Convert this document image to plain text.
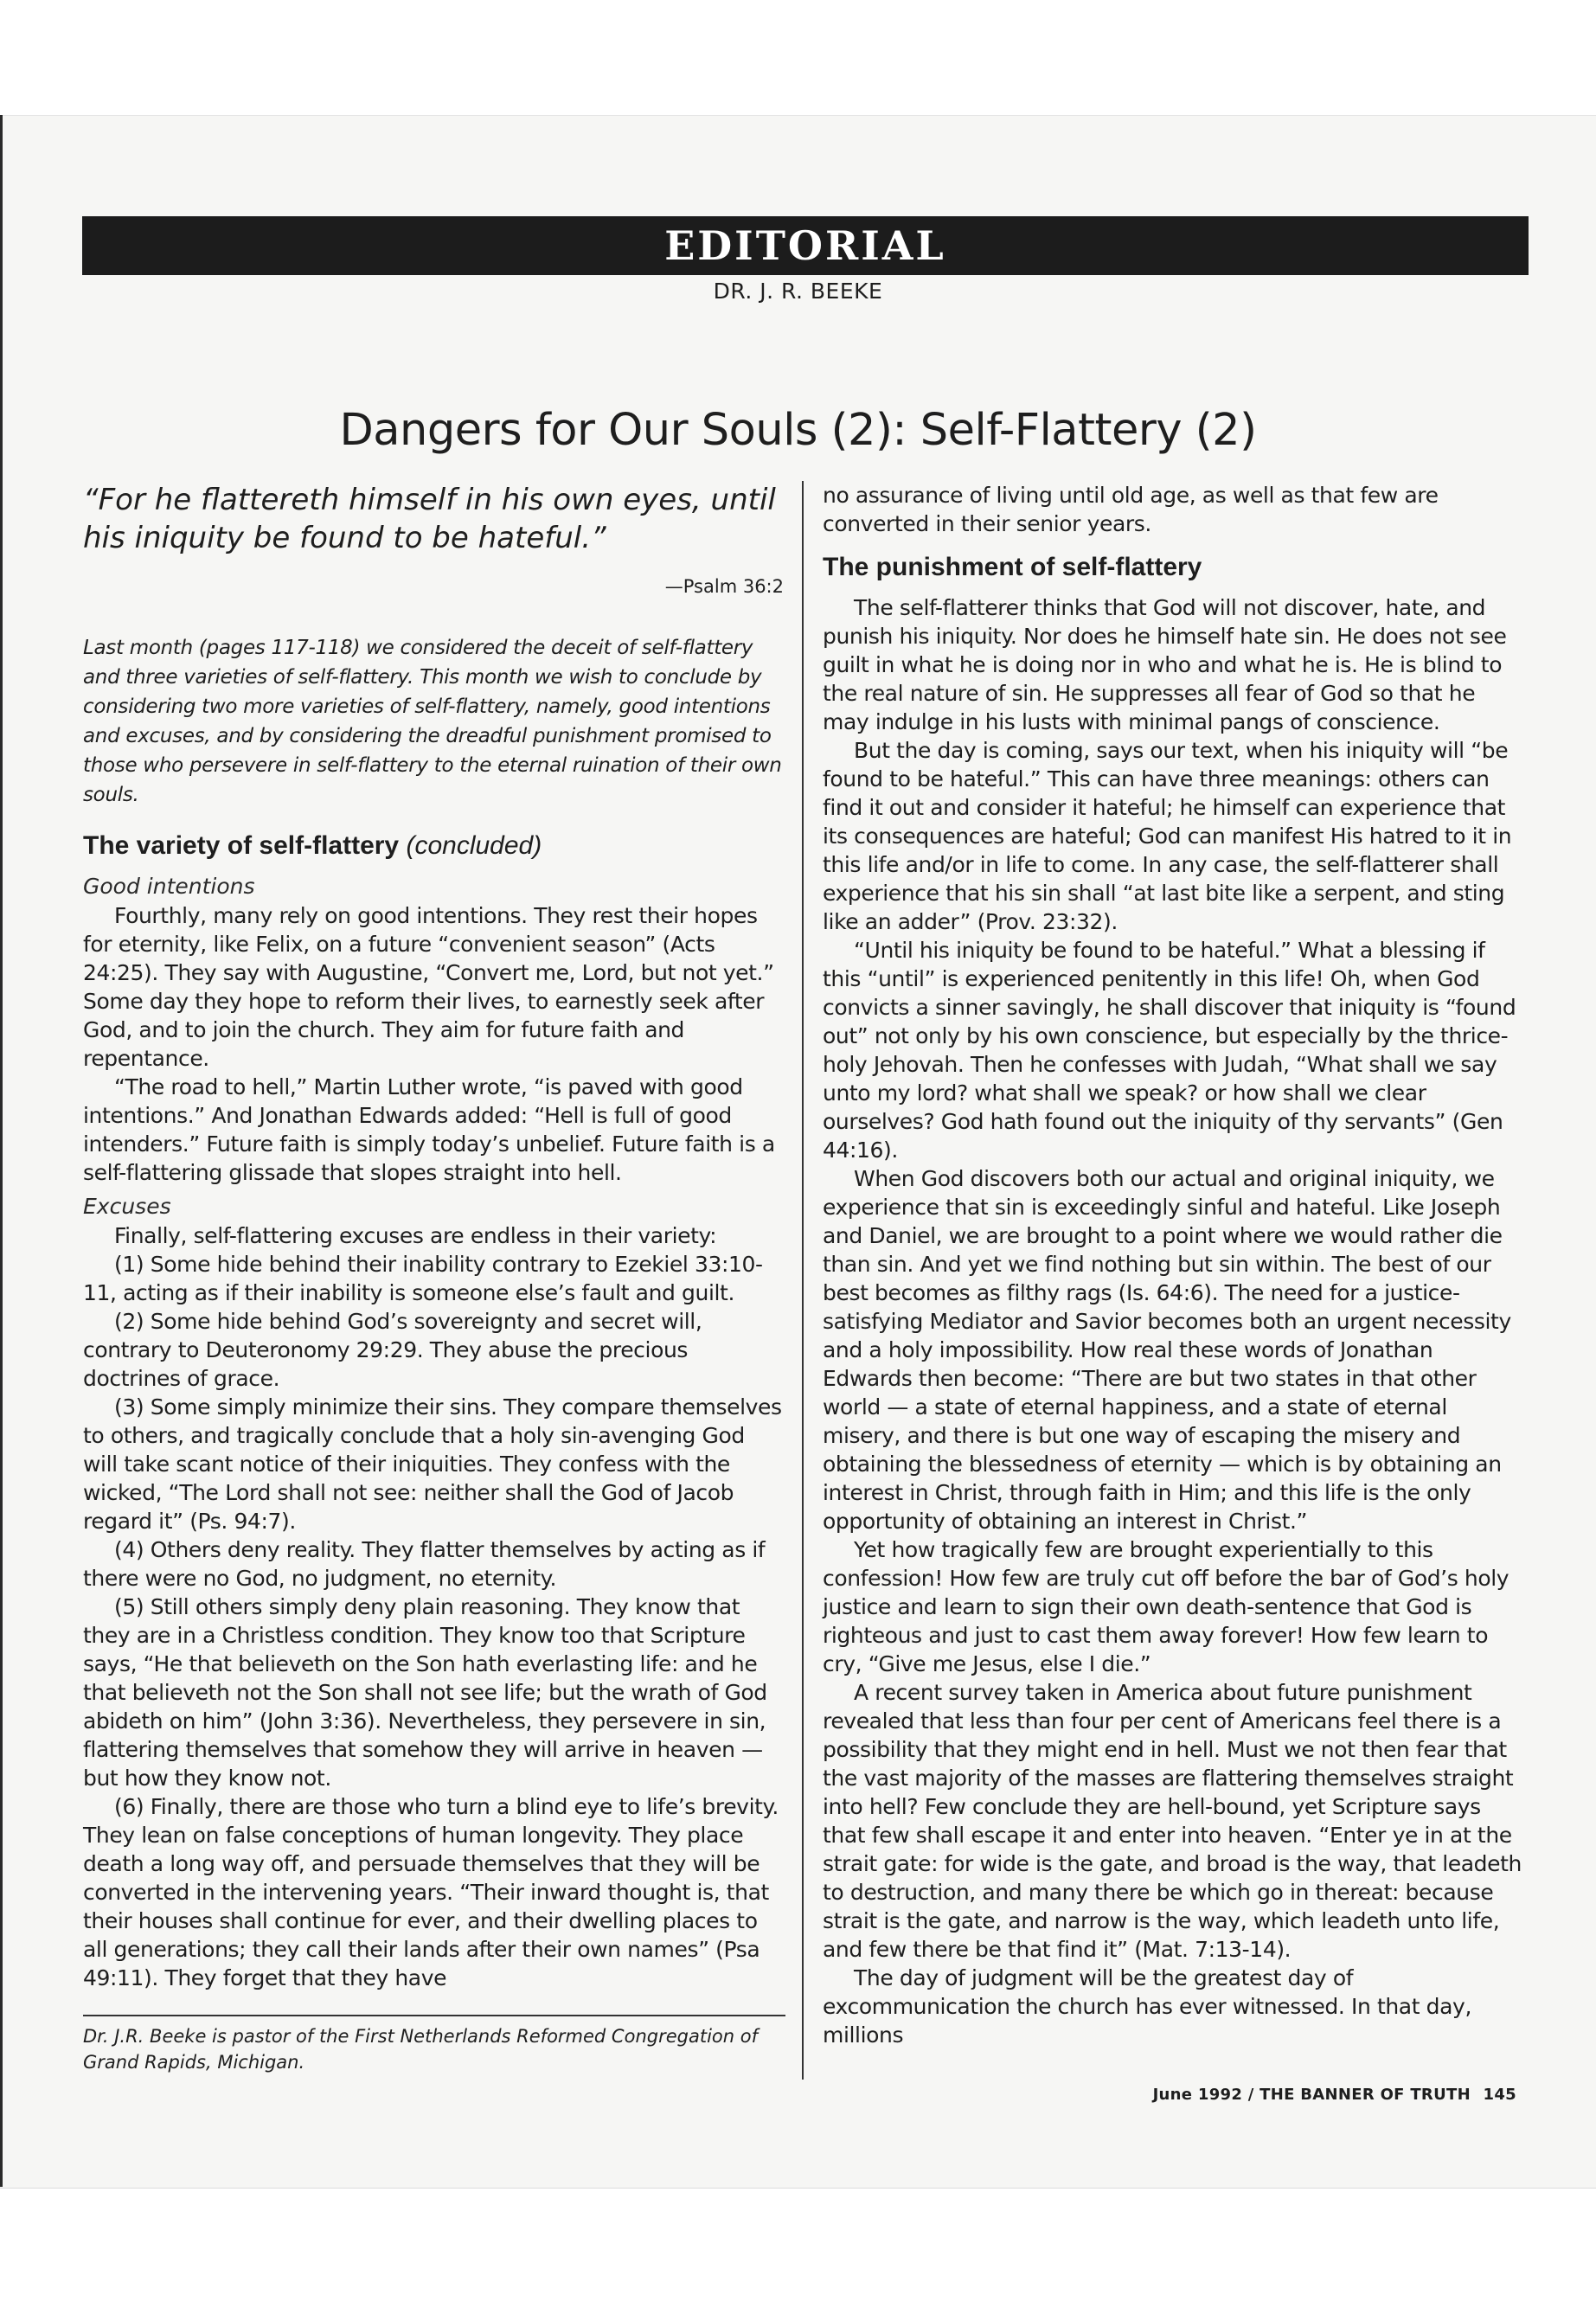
EDITORIAL
DR. J. R. BEEKE
Dangers for Our Souls (2): Self-Flattery (2)

“For he flattereth himself in his own eyes, until his iniquity be found to be hateful.”

—Psalm 36:2

Last month (pages 117-118) we considered the deceit of self-flattery and three varieties of self-flattery. This month we wish to conclude by considering two more varieties of self-flattery, namely, good intentions and excuses, and by considering the dreadful punishment promised to those who persevere in self-flattery to the eternal ruination of their own souls.

The variety of self-flattery (concluded)
Good intentions

Fourthly, many rely on good intentions. They rest their hopes for eternity, like Felix, on a future “convenient season” (Acts 24:25). They say with Augustine, “Convert me, Lord, but not yet.” Some day they hope to reform their lives, to earnestly seek after God, and to join the church. They aim for future faith and repentance.

“The road to hell,” Martin Luther wrote, “is paved with good intentions.” And Jonathan Edwards added: “Hell is full of good intenders.” Future faith is simply today’s unbelief. Future faith is a self-flattering glissade that slopes straight into hell.

Excuses

Finally, self-flattering excuses are endless in their variety:

(1) Some hide behind their inability contrary to Ezekiel 33:10-11, acting as if their inability is someone else’s fault and guilt.

(2) Some hide behind God’s sovereignty and secret will, contrary to Deuteronomy 29:29. They abuse the precious doctrines of grace.

(3) Some simply minimize their sins. They compare themselves to others, and tragically conclude that a holy sin-avenging God will take scant notice of their iniquities. They confess with the wicked, “The Lord shall not see: neither shall the God of Jacob regard it” (Ps. 94:7).

(4) Others deny reality. They flatter themselves by acting as if there were no God, no judgment, no eternity.

(5) Still others simply deny plain reasoning. They know that they are in a Christless condition. They know too that Scripture says, “He that believeth on the Son hath everlasting life: and he that believeth not the Son shall not see life; but the wrath of God abideth on him” (John 3:36). Nevertheless, they persevere in sin, flattering themselves that somehow they will arrive in heaven — but how they know not.

(6) Finally, there are those who turn a blind eye to life’s brevity. They lean on false conceptions of human longevity. They place death a long way off, and persuade themselves that they will be converted in the intervening years. “Their inward thought is, that their houses shall continue for ever, and their dwelling places to all generations; they call their lands after their own names” (Psa 49:11). They forget that they have

Dr. J.R. Beeke is pastor of the First Netherlands Reformed Congregation of Grand Rapids, Michigan.

no assurance of living until old age, as well as that few are converted in their senior years.

The punishment of self-flattery

The self-flatterer thinks that God will not discover, hate, and punish his iniquity. Nor does he himself hate sin. He does not see guilt in what he is doing nor in who and what he is. He is blind to the real nature of sin. He suppresses all fear of God so that he may indulge in his lusts with minimal pangs of conscience.

But the day is coming, says our text, when his iniquity will “be found to be hateful.” This can have three meanings: others can find it out and consider it hateful; he himself can experience that its consequences are hateful; God can manifest His hatred to it in this life and/or in life to come. In any case, the self-flatterer shall experience that his sin shall “at last bite like a serpent, and sting like an adder” (Prov. 23:32).

“Until his iniquity be found to be hateful.” What a blessing if this “until” is experienced penitently in this life! Oh, when God convicts a sinner savingly, he shall discover that iniquity is “found out” not only by his own conscience, but especially by the thrice-holy Jehovah. Then he confesses with Judah, “What shall we say unto my lord? what shall we speak? or how shall we clear ourselves? God hath found out the iniquity of thy servants” (Gen 44:16).

When God discovers both our actual and original iniquity, we experience that sin is exceedingly sinful and hateful. Like Joseph and Daniel, we are brought to a point where we would rather die than sin. And yet we find nothing but sin within. The best of our best becomes as filthy rags (Is. 64:6). The need for a justice-satisfying Mediator and Savior becomes both an urgent necessity and a holy impossibility. How real these words of Jonathan Edwards then become: “There are but two states in that other world — a state of eternal happiness, and a state of eternal misery, and there is but one way of escaping the misery and obtaining the blessedness of eternity — which is by obtaining an interest in Christ, through faith in Him; and this life is the only opportunity of obtaining an interest in Christ.”

Yet how tragically few are brought experientially to this confession! How few are truly cut off before the bar of God’s holy justice and learn to sign their own death-sentence that God is righteous and just to cast them away forever! How few learn to cry, “Give me Jesus, else I die.”

A recent survey taken in America about future punishment revealed that less than four per cent of Americans feel there is a possibility that they might end in hell. Must we not then fear that the vast majority of the masses are flattering themselves straight into hell? Few conclude they are hell-bound, yet Scripture says that few shall escape it and enter into heaven. “Enter ye in at the strait gate: for wide is the gate, and broad is the way, that leadeth to destruction, and many there be which go in thereat: because strait is the gate, and narrow is the way, which leadeth unto life, and few there be that find it” (Mat. 7:13-14).

The day of judgment will be the greatest day of excommunication the church has ever witnessed. In that day, millions

June 1992 / THE BANNER OF TRUTH 145
